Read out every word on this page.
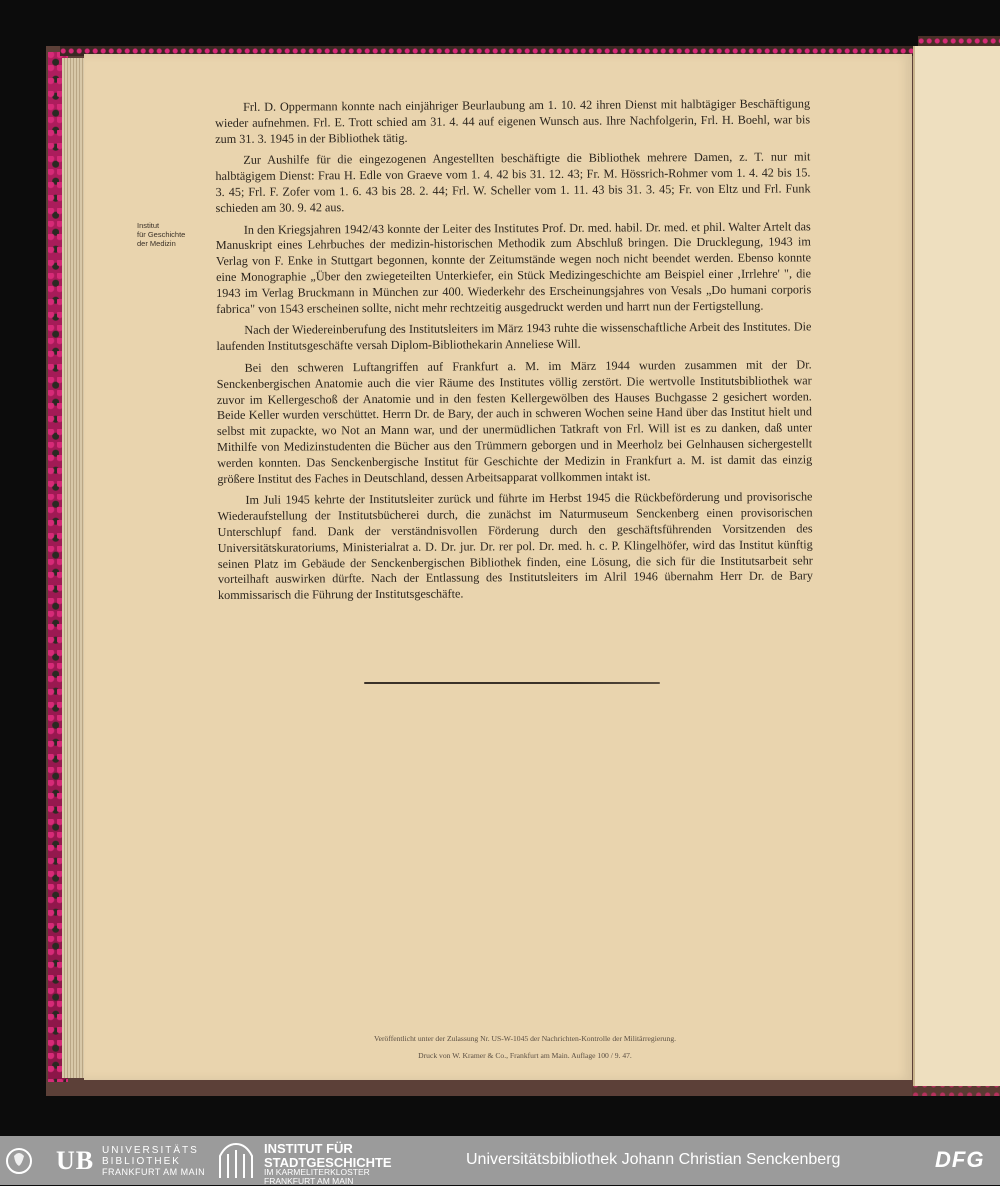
Institut
für Geschichte
der Medizin

Frl. D. Oppermann konnte nach einjähriger Beurlaubung am 1. 10. 42 ihren Dienst mit halbtägiger Beschäftigung wieder aufnehmen. Frl. E. Trott schied am 31. 4. 44 auf eigenen Wunsch aus. Ihre Nachfolgerin, Frl. H. Boehl, war bis zum 31. 3. 1945 in der Bibliothek tätig.

Zur Aushilfe für die eingezogenen Angestellten beschäftigte die Bibliothek mehrere Damen, z. T. nur mit halbtägigem Dienst: Frau H. Edle von Graeve vom 1. 4. 42 bis 31. 12. 43; Fr. M. Hössrich-Rohmer vom 1. 4. 42 bis 15. 3. 45; Frl. F. Zofer vom 1. 6. 43 bis 28. 2. 44; Frl. W. Scheller vom 1. 11. 43 bis 31. 3. 45; Fr. von Eltz und Frl. Funk schieden am 30. 9. 42 aus.

In den Kriegsjahren 1942/43 konnte der Leiter des Institutes Prof. Dr. med. habil. Dr. med. et phil. Walter Artelt das Manuskript eines Lehrbuches der medizin-historischen Methodik zum Abschluß bringen. Die Drucklegung, 1943 im Verlag von F. Enke in Stuttgart begonnen, konnte der Zeitumstände wegen noch nicht beendet werden. Ebenso konnte eine Monographie „Über den zwiegeteilten Unterkiefer, ein Stück Medizingeschichte am Beispiel einer ‚Irrlehre' ", die 1943 im Verlag Bruckmann in München zur 400. Wiederkehr des Erscheinungsjahres von Vesals „Do humani corporis fabrica" von 1543 erscheinen sollte, nicht mehr rechtzeitig ausgedruckt werden und harrt nun der Fertigstellung.

Nach der Wiedereinberufung des Institutsleiters im März 1943 ruhte die wissenschaftliche Arbeit des Institutes. Die laufenden Institutsgeschäfte versah Diplom-Bibliothekarin Anneliese Will.

Bei den schweren Luftangriffen auf Frankfurt a. M. im März 1944 wurden zusammen mit der Dr. Senckenbergischen Anatomie auch die vier Räume des Institutes völlig zerstört. Die wertvolle Institutsbibliothek war zuvor im Kellergeschoß der Anatomie und in den festen Kellergewölben des Hauses Buchgasse 2 gesichert worden. Beide Keller wurden verschüttet. Herrn Dr. de Bary, der auch in schweren Wochen seine Hand über das Institut hielt und selbst mit zupackte, wo Not an Mann war, und der unermüdlichen Tatkraft von Frl. Will ist es zu danken, daß unter Mithilfe von Medizinstudenten die Bücher aus den Trümmern geborgen und in Meerholz bei Gelnhausen sichergestellt werden konnten. Das Senckenbergische Institut für Geschichte der Medizin in Frankfurt a. M. ist damit das einzig größere Institut des Faches in Deutschland, dessen Arbeitsapparat vollkommen intakt ist.

Im Juli 1945 kehrte der Institutsleiter zurück und führte im Herbst 1945 die Rückbeförderung und provisorische Wiederaufstellung der Institutsbücherei durch, die zunächst im Naturmuseum Senckenberg einen provisorischen Unterschlupf fand. Dank der verständnisvollen Förderung durch den geschäftsführenden Vorsitzenden des Universitätskuratoriums, Ministerialrat a. D. Dr. jur. Dr. rer pol. Dr. med. h. c. P. Klingelhöfer, wird das Institut künftig seinen Platz im Gebäude der Senckenbergischen Bibliothek finden, eine Lösung, die sich für die Institutsarbeit sehr vorteilhaft auswirken dürfte. Nach der Entlassung des Institutsleiters im Alril 1946 übernahm Herr Dr. de Bary kommissarisch die Führung der Institutsgeschäfte.

Veröffentlicht unter der Zulassung Nr. US-W-1045 der Nachrichten-Kontrolle der Militärregierung.
Druck von W. Kramer & Co., Frankfurt am Main. Auflage 100 / 9. 47.
UB UNIVERSITÄTS
BIBLIOTHEK
FRANKFURT AM MAIN
INSTITUT FÜR
STADTGESCHICHTE
IM KARMELITERKLOSTER
FRANKFURT AM MAIN
Universitätsbibliothek Johann Christian Senckenberg	DFG
